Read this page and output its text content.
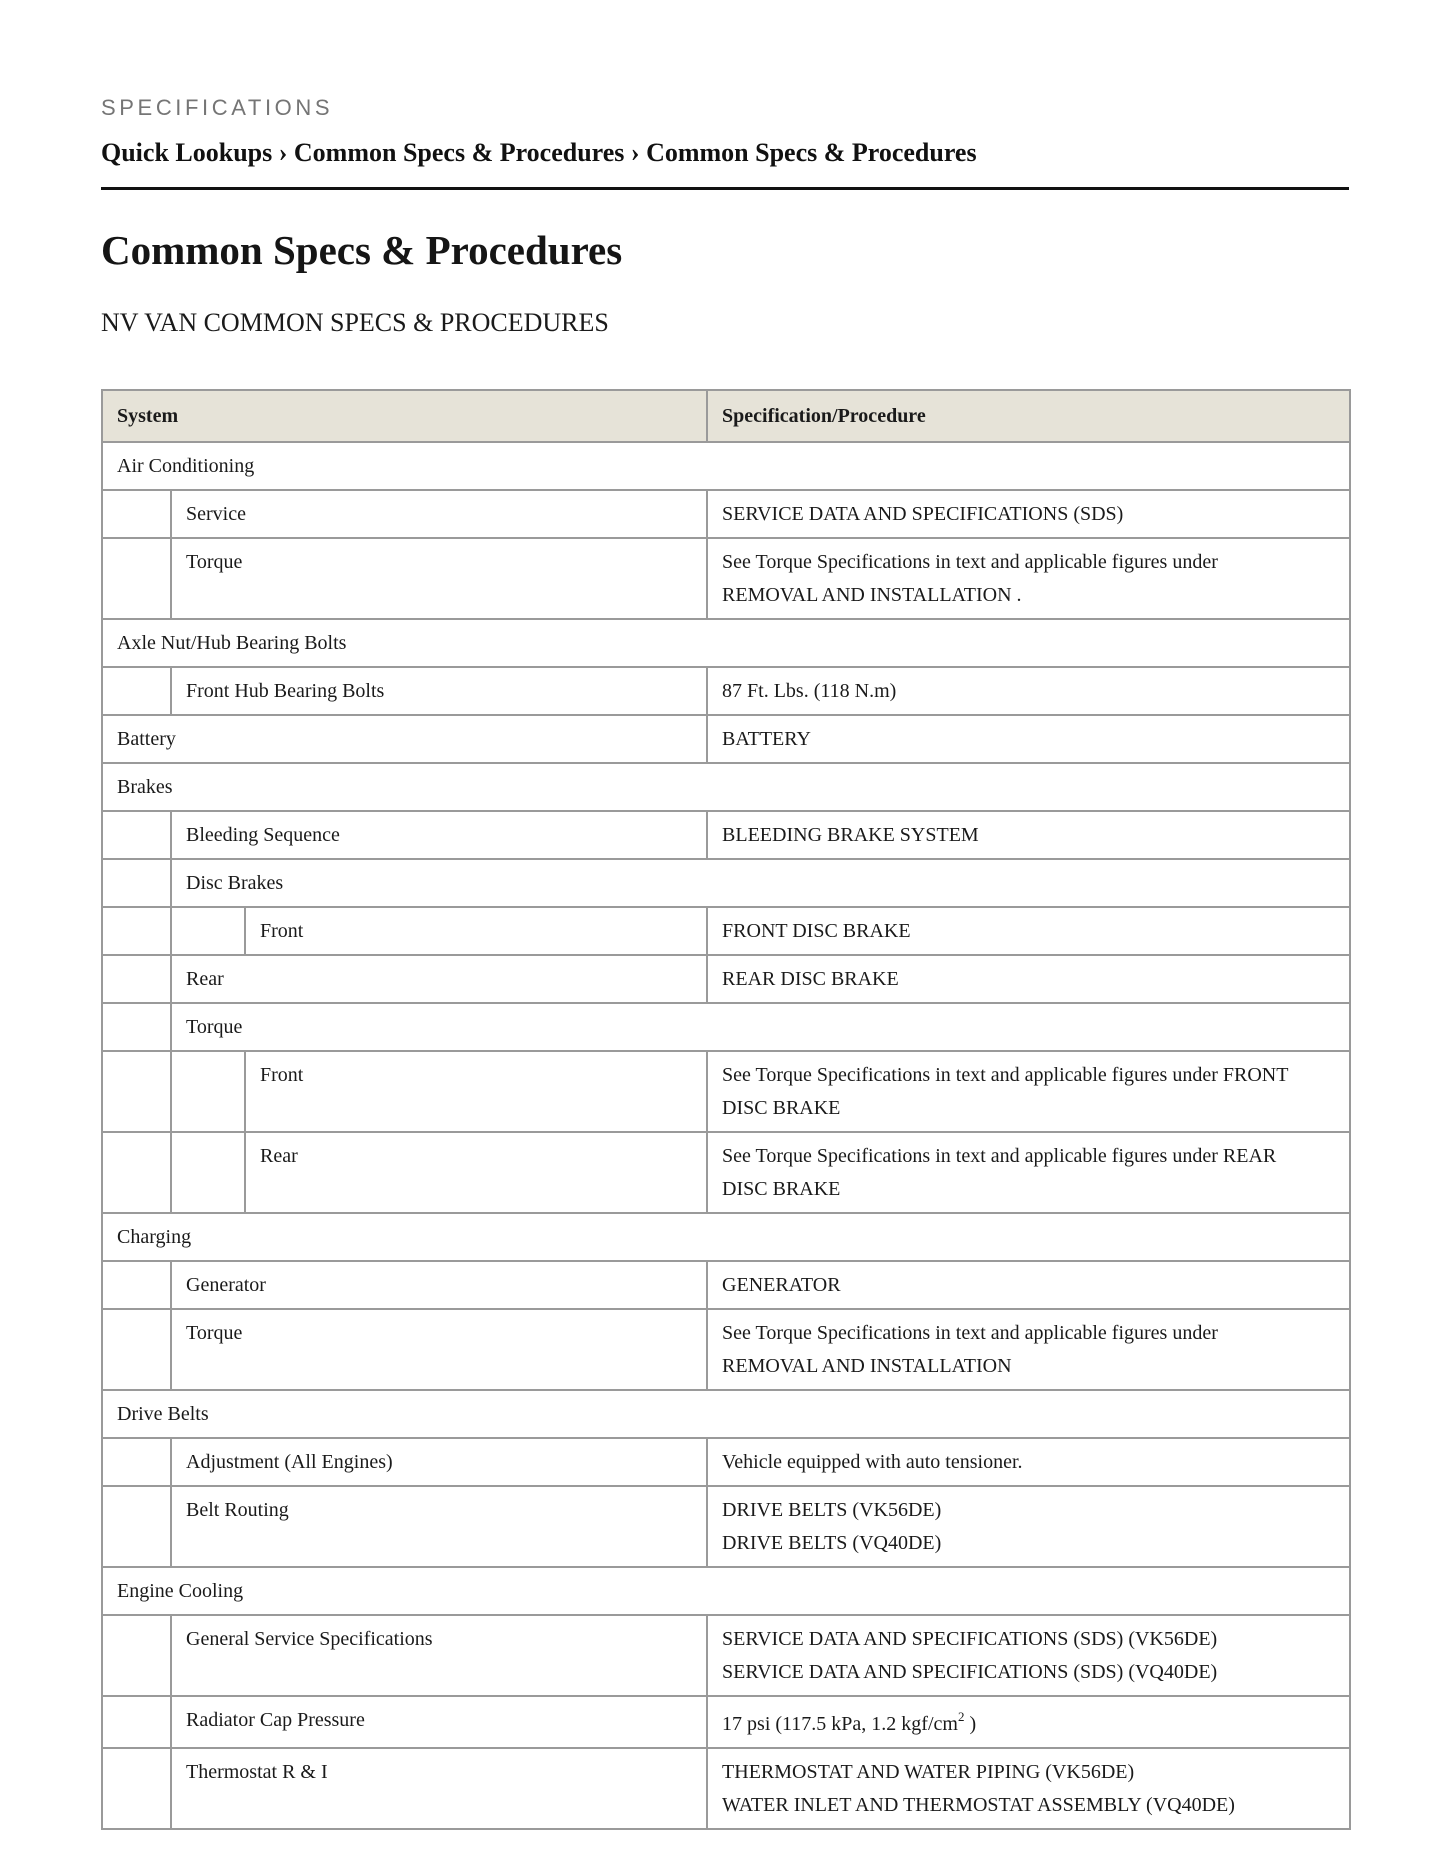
SPECIFICATIONS
Quick Lookups › Common Specs & Procedures › Common Specs & Procedures
Common Specs & Procedures
NV VAN COMMON SPECS & PROCEDURES
System			Specification/Procedure
Air Conditioning			
	Service		SERVICE DATA AND SPECIFICATIONS (SDS)
	Torque		See Torque Specifications in text and applicable figures under
REMOVAL AND INSTALLATION .
Axle Nut/Hub Bearing Bolts			
	Front Hub Bearing Bolts		87 Ft. Lbs. (118 N.m)
Battery			BATTERY
Brakes			
	Bleeding Sequence		BLEEDING BRAKE SYSTEM
	Disc Brakes		
		Front	FRONT DISC BRAKE
	Rear		REAR DISC BRAKE
	Torque		
		Front	See Torque Specifications in text and applicable figures under FRONT
DISC BRAKE
		Rear	See Torque Specifications in text and applicable figures under REAR
DISC BRAKE
Charging			
	Generator		GENERATOR
	Torque		See Torque Specifications in text and applicable figures under
REMOVAL AND INSTALLATION
Drive Belts			
	Adjustment (All Engines)		Vehicle equipped with auto tensioner.
	Belt Routing		DRIVE BELTS (VK56DE)
DRIVE BELTS (VQ40DE)
Engine Cooling			
	General Service Specifications		SERVICE DATA AND SPECIFICATIONS (SDS) (VK56DE)
SERVICE DATA AND SPECIFICATIONS (SDS) (VQ40DE)
	Radiator Cap Pressure		17 psi (117.5 kPa, 1.2 kgf/$cm^2$ )
	Thermostat R & I		THERMOSTAT AND WATER PIPING (VK56DE)
WATER INLET AND THERMOSTAT ASSEMBLY (VQ40DE)
